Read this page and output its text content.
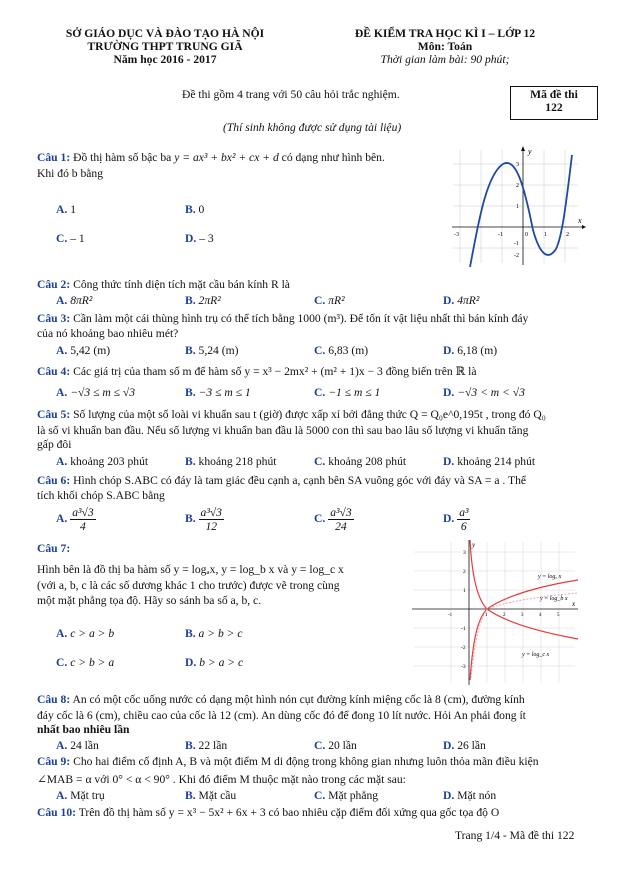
SỞ GIÁO DỤC VÀ ĐÀO TẠO HÀ NỘI
TRƯỜNG THPT TRUNG GIÃ
Năm học 2016 - 2017
ĐỀ KIỂM TRA HỌC KÌ I – LỚP 12
Môn: Toán
Thời gian làm bài: 90 phút;
Đề thi gồm 4 trang với 50 câu hỏi trắc nghiệm.	Mã đề thi
122
(Thí sinh không được sử dụng tài liệu)
Câu 1: Đồ thị hàm số bậc ba y = ax³ + bx² + cx + d có dạng như hình bên.
Khi đó b bằng
A. 1	B. 0
C. – 1	D. – 3
y
x
-3	-1	0	1	2
3
2
1
-1
-2
Câu 2: Công thức tính diện tích mặt cầu bán kính R là
A. 8πR²	B. 2πR²	C. πR²	D. 4πR²
Câu 3: Cần làm một cái thùng hình trụ có thể tích bằng 1000 (m³). Để tốn ít vật liệu nhất thì bán kính đáy
của nó khoảng bao nhiêu mét?
A. 5,42 (m)	B. 5,24 (m)	C. 6,83 (m)	D. 6,18 (m)
Câu 4: Các giá trị của tham số m để hàm số y = x³ − 2mx² + (m² + 1)x − 3 đồng biến trên ℝ là
A. −√3 ≤ m ≤ √3	B. −3 ≤ m ≤ 1	C. −1 ≤ m ≤ 1	D. −√3 < m < √3
Câu 5: Số lượng của một số loài vi khuẩn sau t (giờ) được xấp xỉ bởi đẳng thức Q = Q₀e^0,195t , trong đó Q₀
là số vi khuẩn ban đầu. Nếu số lượng vi khuẩn ban đầu là 5000 con thì sau bao lâu số lượng vi khuẩn tăng
gấp đôi
A. khoảng 203 phút	B. khoảng 218 phút	C. khoảng 208 phút	D. khoảng 214 phút
Câu 6: Hình chóp S.ABC có đáy là tam giác đều cạnh a, cạnh bên SA vuông góc với đáy và SA = a . Thể
tích khối chóp S.ABC bằng
A. $\frac{\text{a³√3}}{4}$	B. $\frac{\text{a³√3}}{12}$	C. $\frac{\text{a³√3}}{24}$	D. $\frac{\text{a³}}{6}$
Câu 7:
Hình bên là đồ thị ba hàm số y = logₐx, y = log_b x và y = log_c x
(với a, b, c là các số dương khác 1 cho trước) được vẽ trong cùng
một mặt phẳng tọa độ. Hãy so sánh ba số a, b, c.
A. c > a > b	B. a > b > c
C. c > b > a	D. b > a > c
y
x
y = logₐ x
y = log_b x
y = log_c x
3
2
1
-1
-2
-3
-1	1	2	3	4	5
Câu 8: An có một cốc uống nước có dạng một hình nón cụt đường kính miệng cốc là 8 (cm), đường kính
đáy cốc là 6 (cm), chiều cao của cốc là 12 (cm). An dùng cốc đó để đong 10 lít nước. Hỏi An phải đong ít
nhất bao nhiêu lần
A. 24 lần	B. 22 lần	C. 20 lần	D. 26 lần
Câu 9: Cho hai điểm cố định A, B và một điểm M di động trong không gian nhưng luôn thỏa mãn điều kiện
∠MAB = α với 0° < α < 90° . Khi đó điểm M thuộc mặt nào trong các mặt sau:
A. Mặt trụ	B. Mặt cầu	C. Mặt phẳng	D. Mặt nón
Câu 10: Trên đồ thị hàm số y = x³ − 5x² + 6x + 3 có bao nhiêu cặp điểm đối xứng qua gốc tọa độ O
Trang 1/4 - Mã đề thi 122
